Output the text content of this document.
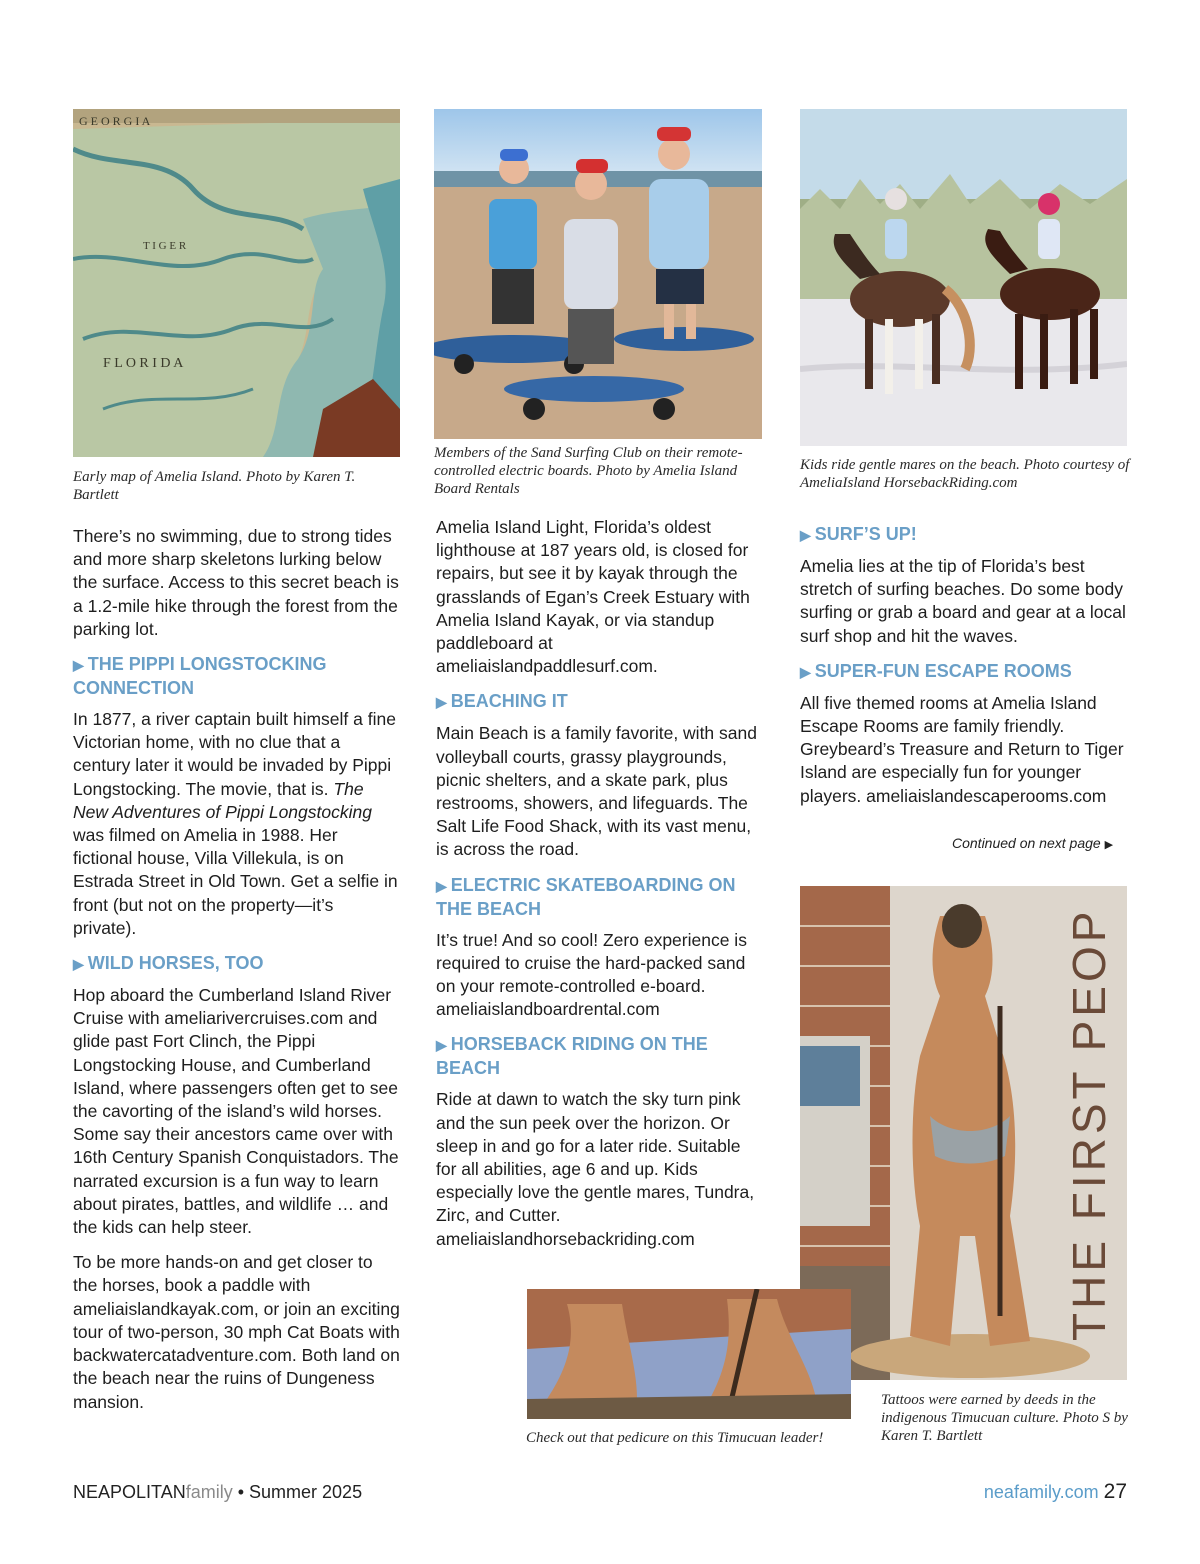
G E O R G I A
F L O R I D A
T I G E R
Early map of Amelia Island. Photo by Karen T. Bartlett
Members of the Sand Surfing Club on their remote-controlled electric boards. Photo by Amelia Island Board Rentals
Kids ride gentle mares on the beach. Photo courtesy of AmeliaIsland HorsebackRiding.com

There’s no swimming, due to strong tides and more sharp skeletons lurking below the surface. Access to this secret beach is a 1.2-mile hike through the forest from the parking lot.

▶ THE PIPPI LONGSTOCKING CONNECTION

In 1877, a river captain built himself a fine Victorian home, with no clue that a century later it would be invaded by Pippi Longstocking. The movie, that is. The New Adventures of Pippi Longstocking was filmed on Amelia in 1988. Her fictional house, Villa Villekula, is on Estrada Street in Old Town. Get a selfie in front (but not on the property—it’s private).

▶ WILD HORSES, TOO

Hop aboard the Cumberland Island River Cruise with ameliarivercruises.com and glide past Fort Clinch, the Pippi Longstocking House, and Cumberland Island, where passengers often get to see the cavorting of the island’s wild horses. Some say their ancestors came over with 16th Century Spanish Conquistadors. The narrated excursion is a fun way to learn about pirates, battles, and wildlife … and the kids can help steer.

To be more hands-on and get closer to the horses, book a paddle with ameliaislandkayak.com, or join an exciting tour of two-person, 30 mph Cat Boats with backwatercatadventure.com. Both land on the beach near the ruins of Dungeness mansion.

Amelia Island Light, Florida’s oldest lighthouse at 187 years old, is closed for repairs, but see it by kayak through the grasslands of Egan’s Creek Estuary with Amelia Island Kayak, or via standup paddleboard at ameliaislandpaddlesurf.com.

▶ BEACHING IT

Main Beach is a family favorite, with sand volleyball courts, grassy playgrounds, picnic shelters, and a skate park, plus restrooms, showers, and lifeguards. The Salt Life Food Shack, with its vast menu, is across the road.

▶ ELECTRIC SKATEBOARDING ON THE BEACH

It’s true! And so cool! Zero experience is required to cruise the hard-packed sand on your remote-controlled e-board. ameliaislandboardrental.com

▶ HORSEBACK RIDING ON THE BEACH

Ride at dawn to watch the sky turn pink and the sun peek over the horizon. Or sleep in and go for a later ride. Suitable for all abilities, age 6 and up. Kids especially love the gentle mares, Tundra, Zirc, and Cutter. ameliaislandhorsebackriding.com

▶ SURF’S UP!

Amelia lies at the tip of Florida’s best stretch of surfing beaches. Do some body surfing or grab a board and gear at a local surf shop and hit the waves.

▶ SUPER-FUN ESCAPE ROOMS

All five themed rooms at Amelia Island Escape Rooms are family friendly. Greybeard’s Treasure and Return to Tiger Island are especially fun for younger players. ameliaislandescaperooms.com

Continued on next page ▶
THE FIRST PEOP
Tattoos were earned by deeds in the indigenous Timucuan culture. Photo S by Karen T. Bartlett
Check out that pedicure on this Timucuan leader!
NEAPOLITANfamily • Summer 2025	neafamily.com 27
